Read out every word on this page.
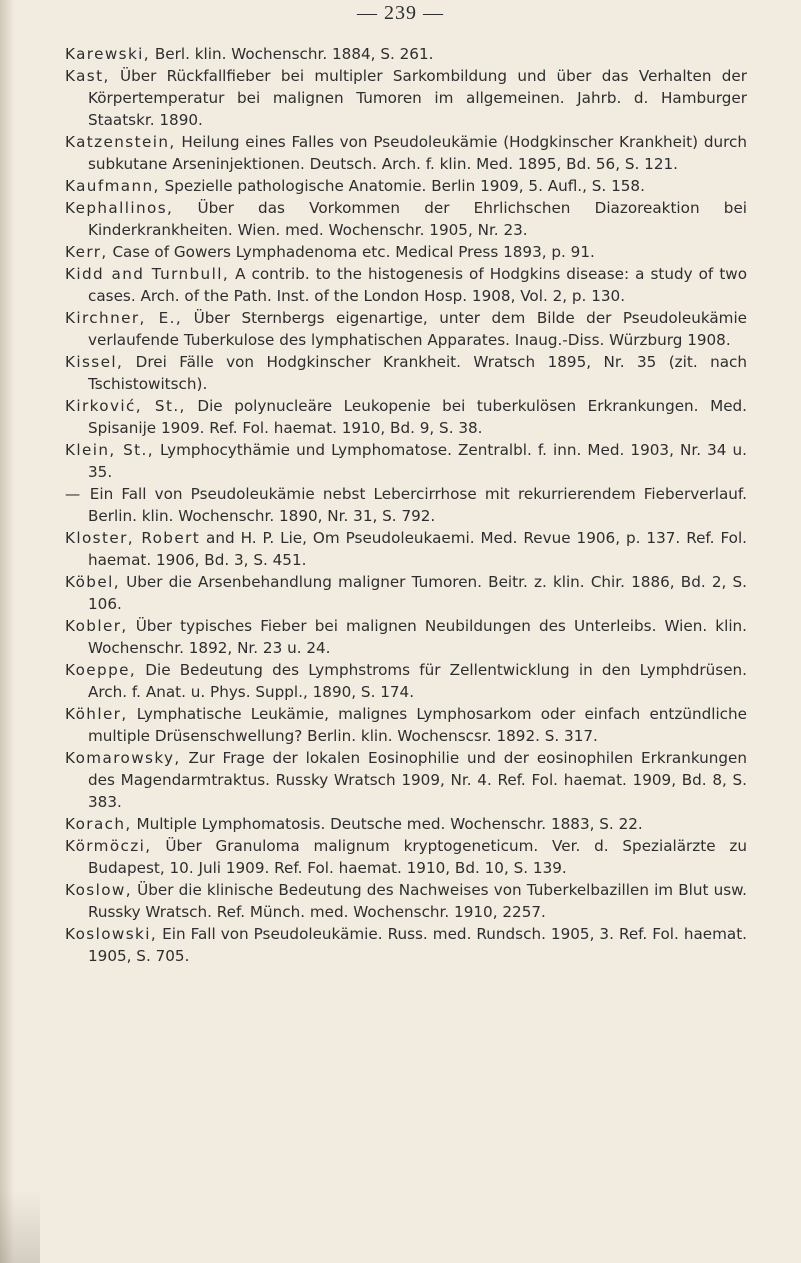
— 239 —

Karewski, Berl. klin. Wochenschr. 1884, S. 261.

Kast, Über Rückfallfieber bei multipler Sarkombildung und über das Verhalten der Körpertemperatur bei malignen Tumoren im allgemeinen. Jahrb. d. Hamburger Staatskr. 1890.

Katzenstein, Heilung eines Falles von Pseudoleukämie (Hodgkinscher Krankheit) durch subkutane Arseninjektionen. Deutsch. Arch. f. klin. Med. 1895, Bd. 56, S. 121.

Kaufmann, Spezielle pathologische Anatomie. Berlin 1909, 5. Aufl., S. 158.

Kephallinos, Über das Vorkommen der Ehrlichschen Diazoreaktion bei Kinderkrankheiten. Wien. med. Wochenschr. 1905, Nr. 23.

Kerr, Case of Gowers Lymphadenoma etc. Medical Press 1893, p. 91.

Kidd and Turnbull, A contrib. to the histogenesis of Hodgkins disease: a study of two cases. Arch. of the Path. Inst. of the London Hosp. 1908, Vol. 2, p. 130.

Kirchner, E., Über Sternbergs eigenartige, unter dem Bilde der Pseudoleukämie verlaufende Tuberkulose des lymphatischen Apparates. Inaug.-Diss. Würzburg 1908.

Kissel, Drei Fälle von Hodgkinscher Krankheit. Wratsch 1895, Nr. 35 (zit. nach Tschistowitsch).

Kirković, St., Die polynucleäre Leukopenie bei tuberkulösen Erkrankungen. Med. Spisanije 1909. Ref. Fol. haemat. 1910, Bd. 9, S. 38.

Klein, St., Lymphocythämie und Lymphomatose. Zentralbl. f. inn. Med. 1903, Nr. 34 u. 35.

— Ein Fall von Pseudoleukämie nebst Lebercirrhose mit rekurrierendem Fieberverlauf. Berlin. klin. Wochenschr. 1890, Nr. 31, S. 792.

Kloster, Robert and H. P. Lie, Om Pseudoleukaemi. Med. Revue 1906, p. 137. Ref. Fol. haemat. 1906, Bd. 3, S. 451.

Köbel, Uber die Arsenbehandlung maligner Tumoren. Beitr. z. klin. Chir. 1886, Bd. 2, S. 106.

Kobler, Über typisches Fieber bei malignen Neubildungen des Unterleibs. Wien. klin. Wochenschr. 1892, Nr. 23 u. 24.

Koeppe, Die Bedeutung des Lymphstroms für Zellentwicklung in den Lymphdrüsen. Arch. f. Anat. u. Phys. Suppl., 1890, S. 174.

Köhler, Lymphatische Leukämie, malignes Lymphosarkom oder einfach entzündliche multiple Drüsenschwellung? Berlin. klin. Wochenscsr. 1892. S. 317.

Komarowsky, Zur Frage der lokalen Eosinophilie und der eosinophilen Erkrankungen des Magendarmtraktus. Russky Wratsch 1909, Nr. 4. Ref. Fol. haemat. 1909, Bd. 8, S. 383.

Korach, Multiple Lymphomatosis. Deutsche med. Wochenschr. 1883, S. 22.

Körmöczi, Über Granuloma malignum kryptogeneticum. Ver. d. Spezialärzte zu Budapest, 10. Juli 1909. Ref. Fol. haemat. 1910, Bd. 10, S. 139.

Koslow, Über die klinische Bedeutung des Nachweises von Tuberkelbazillen im Blut usw. Russky Wratsch. Ref. Münch. med. Wochenschr. 1910, 2257.

Koslowski, Ein Fall von Pseudoleukämie. Russ. med. Rundsch. 1905, 3. Ref. Fol. haemat. 1905, S. 705.
